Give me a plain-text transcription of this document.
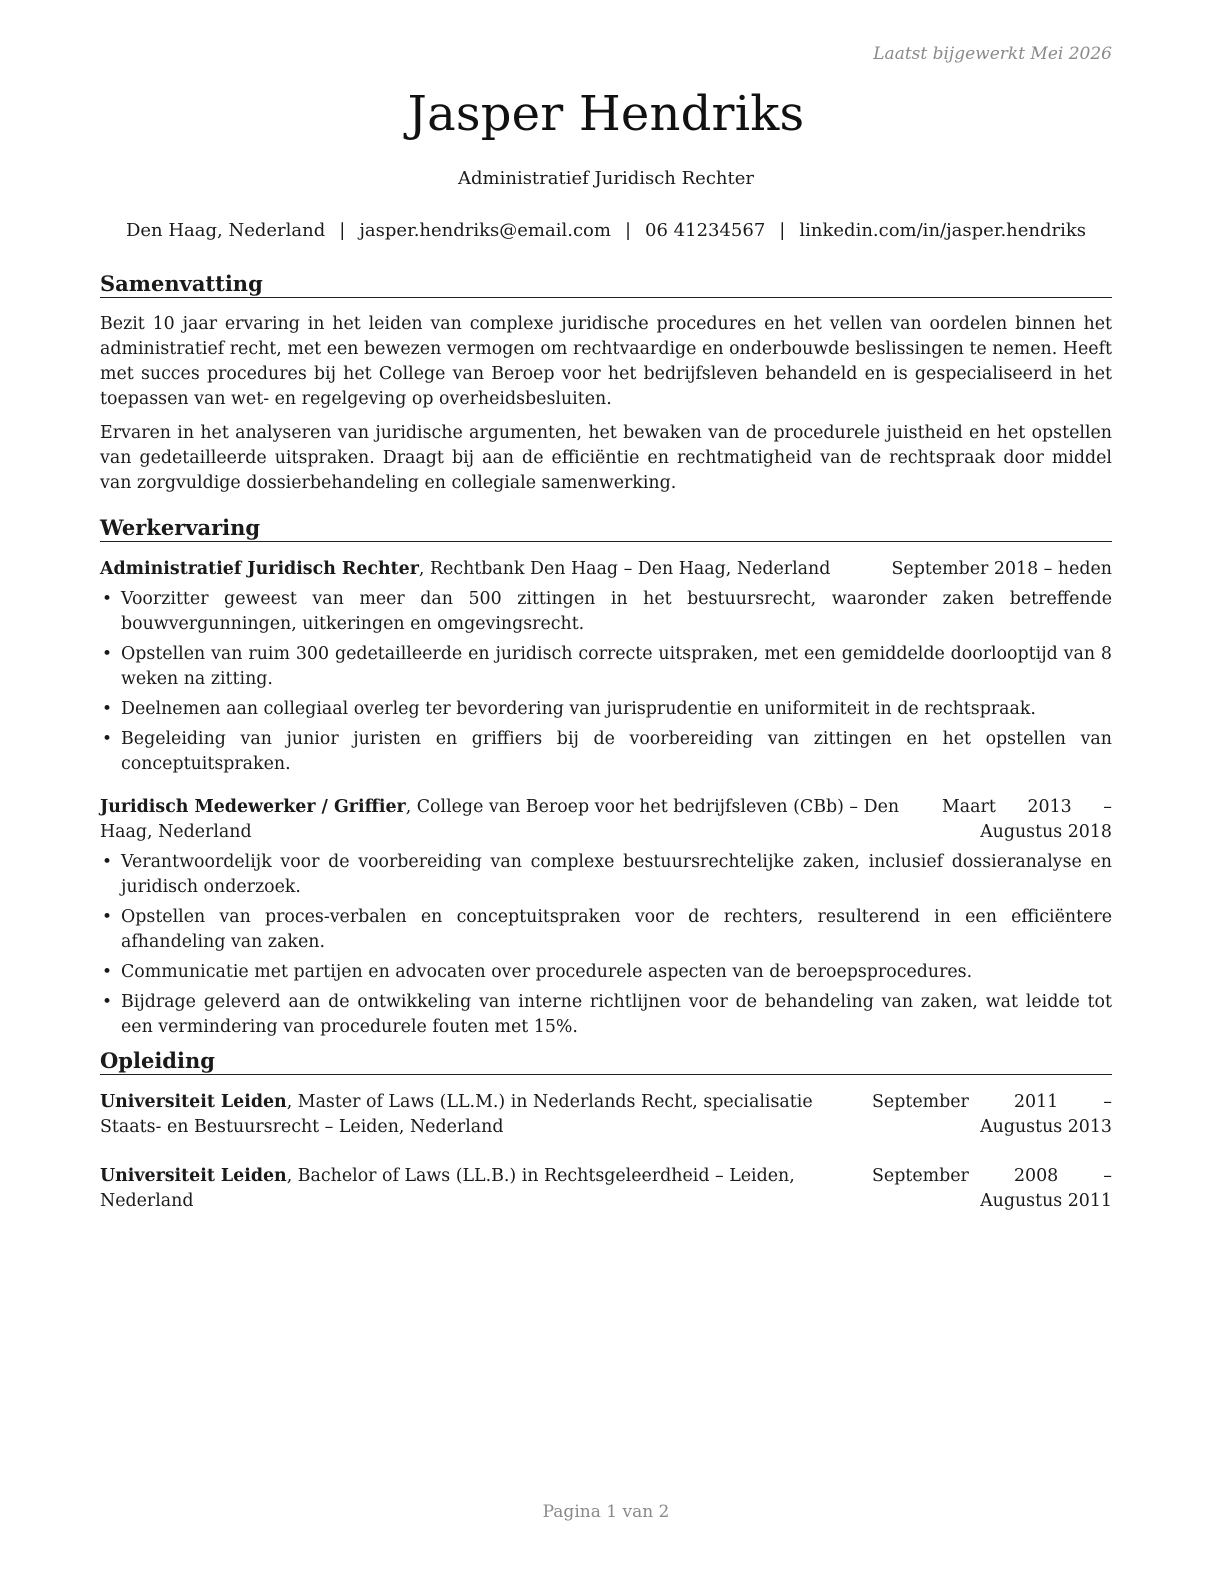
Laatst bijgewerkt Mei 2026
Jasper Hendriks
Administratief Juridisch Rechter
Den Haag, Nederland | jasper.hendriks@email.com | 06 41234567 | linkedin.com/in/jasper.hendriks
Samenvatting

Bezit 10 jaar ervaring in het leiden van complexe juridische procedures en het vellen van oordelen binnen het administratief recht, met een bewezen vermogen om rechtvaardige en onderbouwde beslissingen te nemen. Heeft met succes procedures bij het College van Beroep voor het bedrijfsleven behandeld en is gespecialiseerd in het toepassen van wet- en regelgeving op overheidsbesluiten.

Ervaren in het analyseren van juridische argumenten, het bewaken van de procedurele juistheid en het opstellen van gedetailleerde uitspraken. Draagt bij aan de efficiëntie en rechtmatigheid van de rechtspraak door middel van zorgvuldige dossierbehandeling en collegiale samenwerking.

Werkervaring
Administratief Juridisch Rechter, Rechtbank Den Haag – Den Haag, Nederland	September 2018 – heden
• Voorzitter geweest van meer dan 500 zittingen in het bestuursrecht, waaronder zaken betreffende bouwvergunningen, uitkeringen en omgevingsrecht.
• Opstellen van ruim 300 gedetailleerde en juridisch correcte uitspraken, met een gemiddelde doorlooptijd van 8 weken na zitting.
• Deelnemen aan collegiaal overleg ter bevordering van jurisprudentie en uniformiteit in de rechtspraak.
• Begeleiding van junior juristen en griffiers bij de voorbereiding van zittingen en het opstellen van conceptuitspraken.
Juridisch Medewerker / Griffier, College van Beroep voor het bedrijfsleven (CBb) – Den Haag, Nederland
Maart 2013 – Augustus 2018
• Verantwoordelijk voor de voorbereiding van complexe bestuursrechtelijke zaken, inclusief dossieranalyse en juridisch onderzoek.
• Opstellen van proces-verbalen en conceptuitspraken voor de rechters, resulterend in een efficiëntere afhandeling van zaken.
• Communicatie met partijen en advocaten over procedurele aspecten van de beroepsprocedures.
• Bijdrage geleverd aan de ontwikkeling van interne richtlijnen voor de behandeling van zaken, wat leidde tot een vermindering van procedurele fouten met 15%.
Opleiding
Universiteit Leiden, Master of Laws (LL.M.) in Nederlands Recht, specialisatie Staats- en Bestuursrecht – Leiden, Nederland
September 2011 – Augustus 2013
Universiteit Leiden, Bachelor of Laws (LL.B.) in Rechtsgeleerdheid – Leiden, Nederland
September 2008 – Augustus 2011
Pagina 1 van 2
